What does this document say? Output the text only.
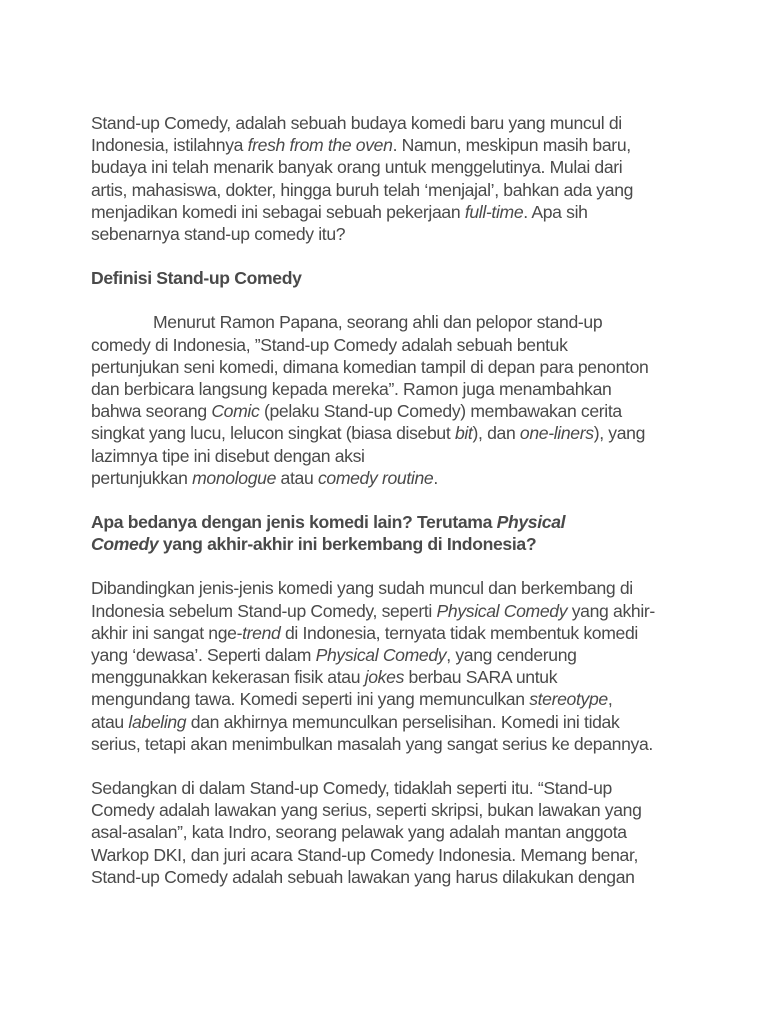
Stand-up Comedy, adalah sebuah budaya komedi baru yang muncul di
Indonesia, istilahnya fresh from the oven. Namun, meskipun masih baru,
budaya ini telah menarik banyak orang untuk menggelutinya. Mulai dari
artis, mahasiswa, dokter, hingga buruh telah ‘menjajal’, bahkan ada yang
menjadikan komedi ini sebagai sebuah pekerjaan full-time. Apa sih
sebenarnya stand-up comedy itu?

Definisi Stand-up Comedy

Menurut Ramon Papana, seorang ahli dan pelopor stand-up
comedy di Indonesia, ”Stand-up Comedy adalah sebuah bentuk
pertunjukan seni komedi, dimana komedian tampil di depan para penonton
dan berbicara langsung kepada mereka”. Ramon juga menambahkan
bahwa seorang Comic (pelaku Stand-up Comedy) membawakan cerita
singkat yang lucu, lelucon singkat (biasa disebut bit), dan one-liners), yang
lazimnya tipe ini disebut dengan aksi
pertunjukkan monologue atau comedy routine.

Apa bedanya dengan jenis komedi lain? Terutama Physical
Comedy yang akhir-akhir ini berkembang di Indonesia?

Dibandingkan jenis-jenis komedi yang sudah muncul dan berkembang di
Indonesia sebelum Stand-up Comedy, seperti Physical Comedy yang akhir-
akhir ini sangat nge-trend di Indonesia, ternyata tidak membentuk komedi
yang ‘dewasa’. Seperti dalam Physical Comedy, yang cenderung
menggunakkan kekerasan fisik atau jokes berbau SARA untuk
mengundang tawa. Komedi seperti ini yang memunculkan stereotype,
atau labeling dan akhirnya memunculkan perselisihan. Komedi ini tidak
serius, tetapi akan menimbulkan masalah yang sangat serius ke depannya.

Sedangkan di dalam Stand-up Comedy, tidaklah seperti itu. “Stand-up
Comedy adalah lawakan yang serius, seperti skripsi, bukan lawakan yang
asal-asalan”, kata Indro, seorang pelawak yang adalah mantan anggota
Warkop DKI, dan juri acara Stand-up Comedy Indonesia. Memang benar,
Stand-up Comedy adalah sebuah lawakan yang harus dilakukan dengan
